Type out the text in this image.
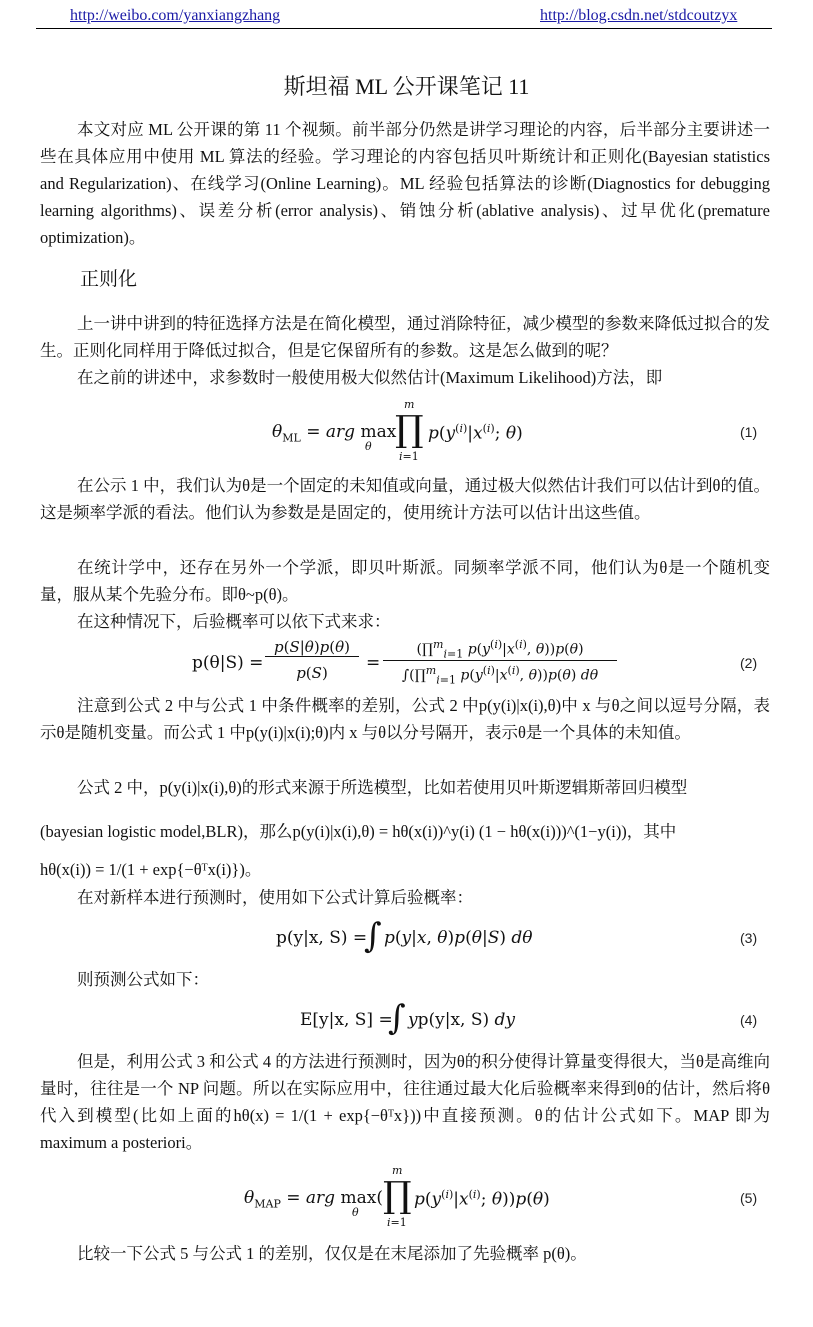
http://weibo.com/yanxiangzhang	http://blog.csdn.net/stdcoutzyx
斯坦福 ML 公开课笔记 11
本文对应 ML 公开课的第 11 个视频。前半部分仍然是讲学习理论的内容，后半部分主要讲述一些在具体应用中使用 ML 算法的经验。学习理论的内容包括贝叶斯统计和正则化(Bayesian statistics and Regularization)、在线学习(Online Learning)。ML 经验包括算法的诊断(Diagnostics for debugging learning algorithms)、误差分析(error analysis)、销蚀分析(ablative analysis)、过早优化(premature optimization)。
正则化
上一讲中讲到的特征选择方法是在简化模型，通过消除特征，减少模型的参数来降低过拟合的发生。正则化同样用于降低过拟合，但是它保留所有的参数。这是怎么做到的呢？
在之前的讲述中，求参数时一般使用极大似然估计(Maximum Likelihood)方法，即
$\theta_{ML}$ = arg max
θ
m
∏
i=1
$p(y^{(i)}|x^{(i)}$; θ)	(1)
在公示 1 中，我们认为θ是一个固定的未知值或向量，通过极大似然估计我们可以估计到θ的值。这是频率学派的看法。他们认为参数是是固定的，使用统计方法可以估计出这些值。
在统计学中，还存在另外一个学派，即贝叶斯派。同频率学派不同，他们认为θ是一个随机变量，服从某个先验分布。即θ~p(θ)。
在这种情况下，后验概率可以依下式来求：
p(θ|S) =
p(S|θ)p(θ)
p(S)	=
(∏$^m_{i=1}$ $p(y^{(i)}|x^{(i)}$, θ))p(θ)
∫(∏$^m_{i=1}$ $p(y^{(i)}|x^{(i)}$, θ))p(θ) dθ
(2)
注意到公式 2 中与公式 1 中条件概率的差别，公式 2 中p(y(i)|x(i),θ)中 x 与θ之间以逗号分隔，表示θ是随机变量。而公式 1 中p(y(i)|x(i);θ)内 x 与θ以分号隔开，表示θ是一个具体的未知值。
公式 2 中，p(y(i)|x(i),θ)的形式来源于所选模型，比如若使用贝叶斯逻辑斯蒂回归模型
(bayesian logistic model,BLR)，那么p(y(i)|x(i),θ) = hθ(x(i))^y(i) (1 − hθ(x(i)))^(1−y(i))，其中
hθ(x(i)) = 1/(1 + exp{−θᵀx(i)})。
在对新样本进行预测时，使用如下公式计算后验概率：
p(y|x, S) =
∫ p(y|x, θ)p(θ|S) dθ	(3)
则预测公式如下：
E[y|x, S] =
∫ yp(y|x, S) dy	(4)
但是，利用公式 3 和公式 4 的方法进行预测时，因为θ的积分使得计算量变得很大，当θ是高维向量时，往往是一个 NP 问题。所以在实际应用中，往往通过最大化后验概率来得到θ的估计，然后将θ代入到模型(比如上面的hθ(x) = 1/(1 + exp{−θᵀx}))中直接预测。θ的估计公式如下。MAP 即为 maximum a posteriori。
$\theta_{MAP}$ = arg max(
θ
m
∏
i=1
$p(y^{(i)}|x^{(i)}$; θ))p(θ)	(5)
比较一下公式 5 与公式 1 的差别，仅仅是在末尾添加了先验概率 p(θ)。
